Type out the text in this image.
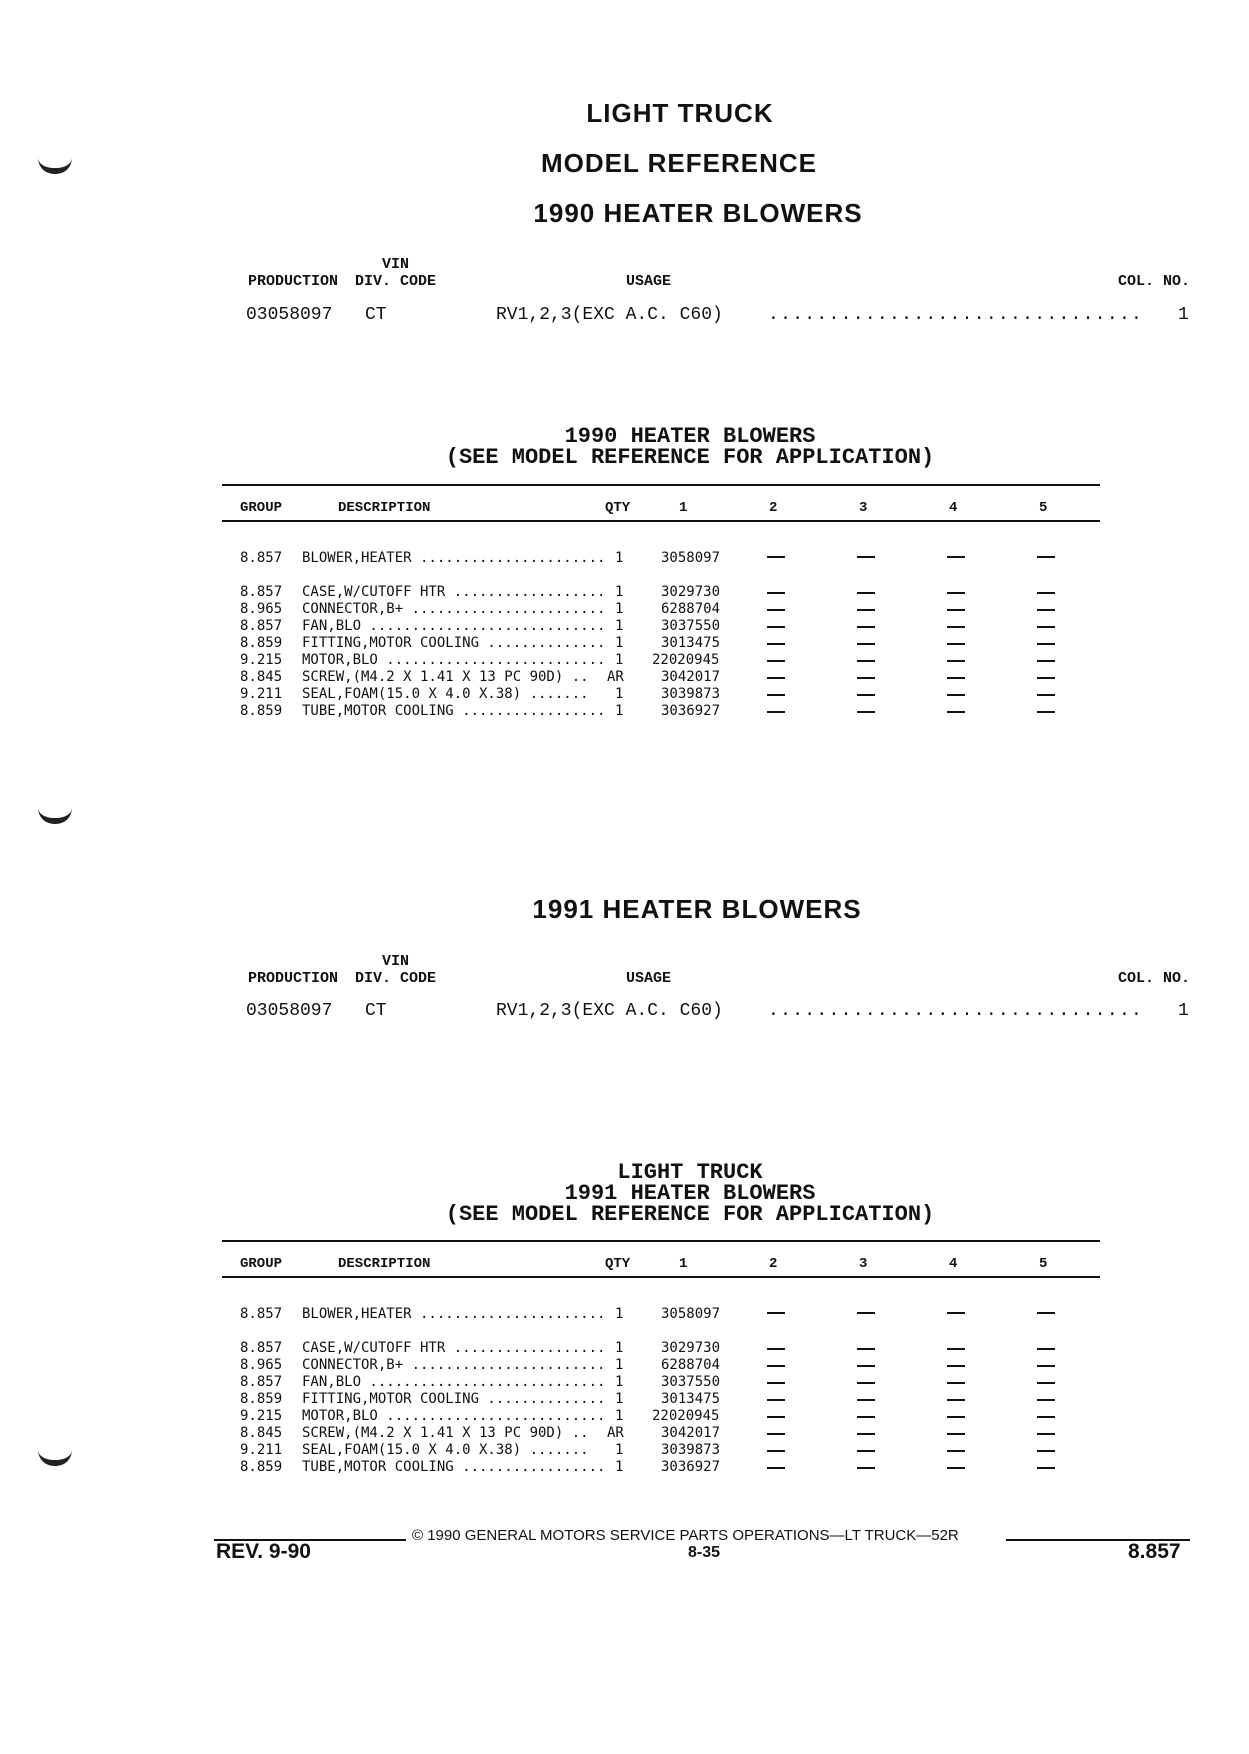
LIGHT TRUCK
MODEL REFERENCE
1990 HEATER BLOWERS
VIN
PRODUCTION DIV. CODE	USAGE	COL. NO.
03058097 CT	RV1,2,3(EXC A.C. C60)	............................... 1
1990 HEATER BLOWERS
(SEE MODEL REFERENCE FOR APPLICATION)
GROUP	DESCRIPTION	QTY	1	2	3	4	5
8.857 BLOWER,HEATER ...................... 1	3058097
8.857 CASE,W/CUTOFF HTR .................. 1	3029730
8.965 CONNECTOR,B+ ....................... 1	6288704
8.857 FAN,BLO ............................ 1	3037550
8.859 FITTING,MOTOR COOLING .............. 1	3013475
9.215 MOTOR,BLO .......................... 1 22020945
8.845 SCREW,(M4.2 X 1.41 X 13 PC 90D) ..	AR	3042017
9.211 SEAL,FOAM(15.0 X 4.0 X.38) .......	1	3039873
8.859 TUBE,MOTOR COOLING ................. 1	3036927
1991 HEATER BLOWERS
VIN
PRODUCTION DIV. CODE	USAGE	COL. NO.
03058097 CT	RV1,2,3(EXC A.C. C60)	............................... 1
LIGHT TRUCK
1991 HEATER BLOWERS
(SEE MODEL REFERENCE FOR APPLICATION)
GROUP	DESCRIPTION	QTY	1	2	3	4	5
8.857 BLOWER,HEATER ...................... 1	3058097
8.857 CASE,W/CUTOFF HTR .................. 1	3029730
8.965 CONNECTOR,B+ ....................... 1	6288704
8.857 FAN,BLO ............................ 1	3037550
8.859 FITTING,MOTOR COOLING .............. 1	3013475
9.215 MOTOR,BLO .......................... 1 22020945
8.845 SCREW,(M4.2 X 1.41 X 13 PC 90D) ..	AR	3042017
9.211 SEAL,FOAM(15.0 X 4.0 X.38) .......	1	3039873
8.859 TUBE,MOTOR COOLING ................. 1	3036927
© 1990 GENERAL MOTORS SERVICE PARTS OPERATIONS—LT TRUCK—52R
REV. 9-90	8-35	8.857
